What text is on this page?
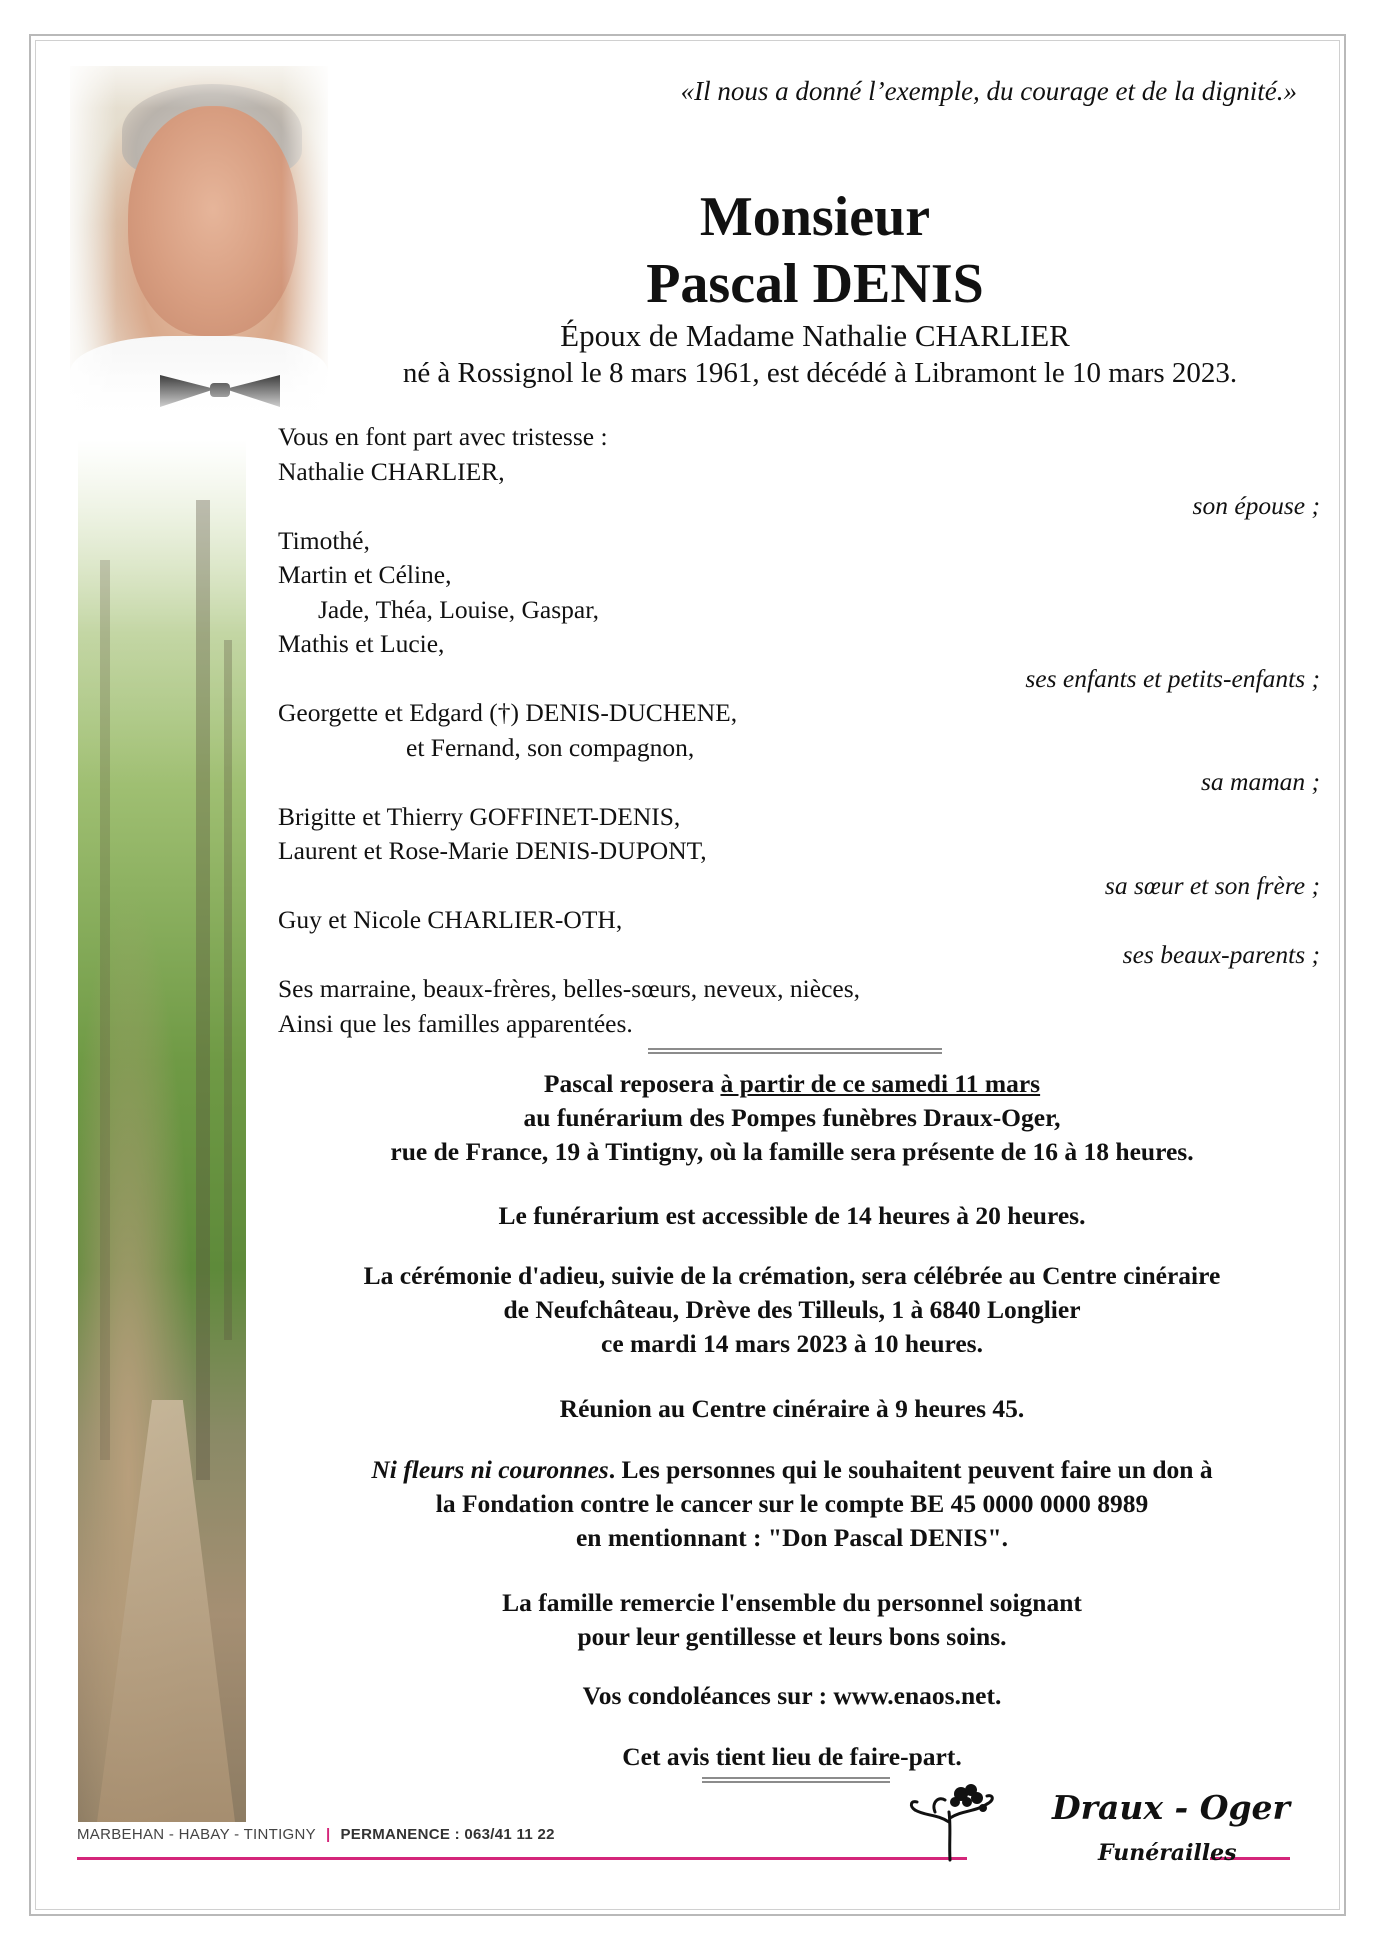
«Il nous a donné l’exemple, du courage et de la dignité.»
Monsieur
Pascal DENIS
Époux de Madame Nathalie CHARLIER
né à Rossignol le 8 mars 1961, est décédé à Libramont le 10 mars 2023.
Vous en font part avec tristesse :
Nathalie CHARLIER,
son épouse ;
Timothé,
Martin et Céline,
Jade, Théa, Louise, Gaspar,
Mathis et Lucie,
ses enfants et petits-enfants ;
Georgette et Edgard (†) DENIS-DUCHENE,
et Fernand, son compagnon,
sa maman ;
Brigitte et Thierry GOFFINET-DENIS,
Laurent et Rose-Marie DENIS-DUPONT,
sa sœur et son frère ;
Guy et Nicole CHARLIER-OTH,
ses beaux-parents ;
Ses marraine, beaux-frères, belles-sœurs, neveux, nièces,
Ainsi que les familles apparentées.

Pascal reposera à partir de ce samedi 11 mars

au funérarium des Pompes funèbres Draux-Oger,

rue de France, 19 à Tintigny, où la famille sera présente de 16 à 18 heures.

Le funérarium est accessible de 14 heures à 20 heures.

La cérémonie d'adieu, suivie de la crémation, sera célébrée au Centre cinéraire

de Neufchâteau, Drève des Tilleuls, 1 à 6840 Longlier

ce mardi 14 mars 2023 à 10 heures.

Réunion au Centre cinéraire à 9 heures 45.

Ni fleurs ni couronnes. Les personnes qui le souhaitent peuvent faire un don à

la Fondation contre le cancer sur le compte BE 45 0000 0000 8989

en mentionnant : "Don Pascal DENIS".

La famille remercie l'ensemble du personnel soignant

pour leur gentillesse et leurs bons soins.

Vos condoléances sur : www.enaos.net.
Cet avis tient lieu de faire-part.
MARBEHAN - HABAY - TINTIGNY | PERMANENCE : 063/41 11 22
Draux - Oger
Funérailles
